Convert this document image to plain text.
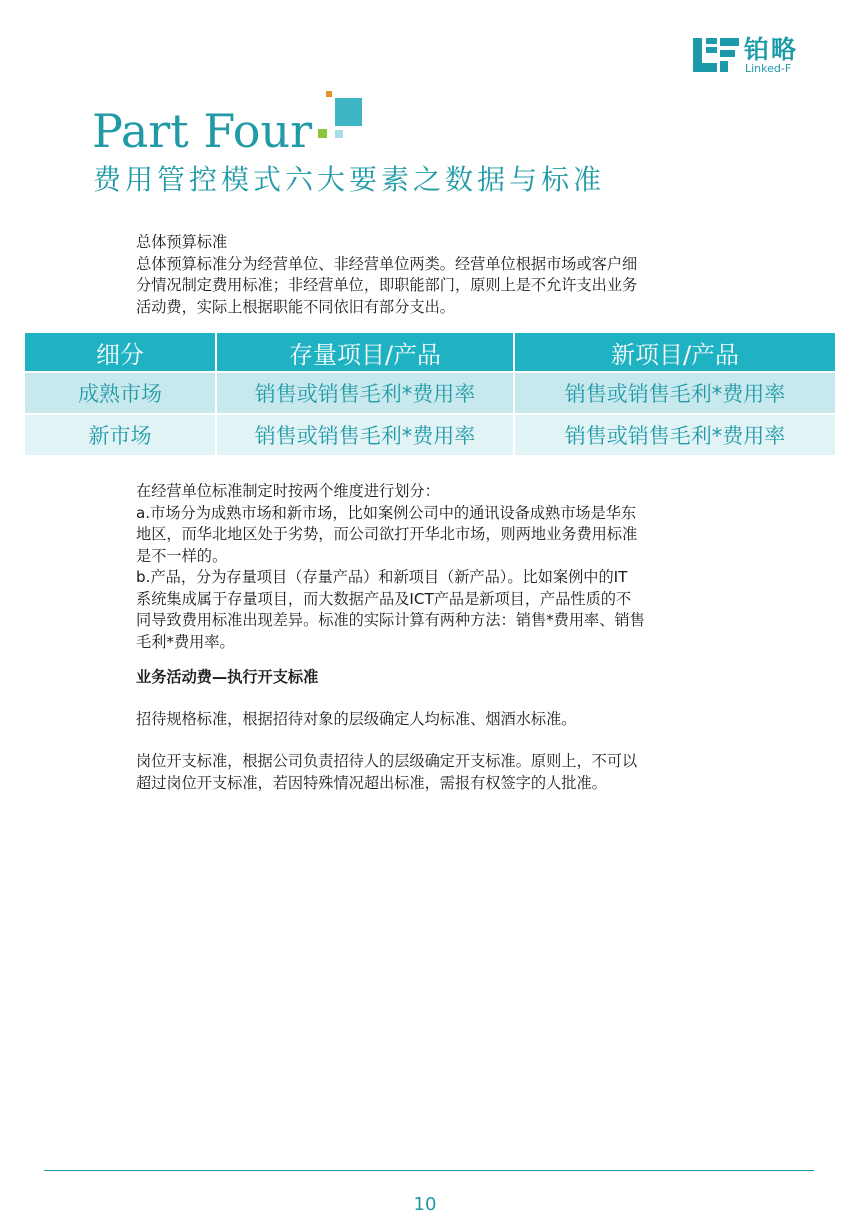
铂略
Linked-F
Part Four
费用管控模式六大要素之数据与标准

总体预算标准

总体预算标准分为经营单位、非经营单位两类。经营单位根据市场或客户细

分情况制定费用标准；非经营单位，即职能部门，原则上是不允许支出业务

活动费，实际上根据职能不同依旧有部分支出。

细分	存量项目/产品	新项目/产品
成熟市场	销售或销售毛利*费用率	销售或销售毛利*费用率
新市场	销售或销售毛利*费用率	销售或销售毛利*费用率

在经营单位标准制定时按两个维度进行划分：

a.市场分为成熟市场和新市场，比如案例公司中的通讯设备成熟市场是华东

地区，而华北地区处于劣势，而公司欲打开华北市场，则两地业务费用标准

是不一样的。

b.产品，分为存量项目（存量产品）和新项目（新产品）。比如案例中的IT

系统集成属于存量项目，而大数据产品及ICT产品是新项目，产品性质的不

同导致费用标准出现差异。标准的实际计算有两种方法：销售*费用率、销售

毛利*费用率。

业务活动费—执行开支标准
招待规格标准，根据招待对象的层级确定人均标准、烟酒水标准。

岗位开支标准，根据公司负责招待人的层级确定开支标准。原则上，不可以

超过岗位开支标准，若因特殊情况超出标准，需报有权签字的人批准。

10
